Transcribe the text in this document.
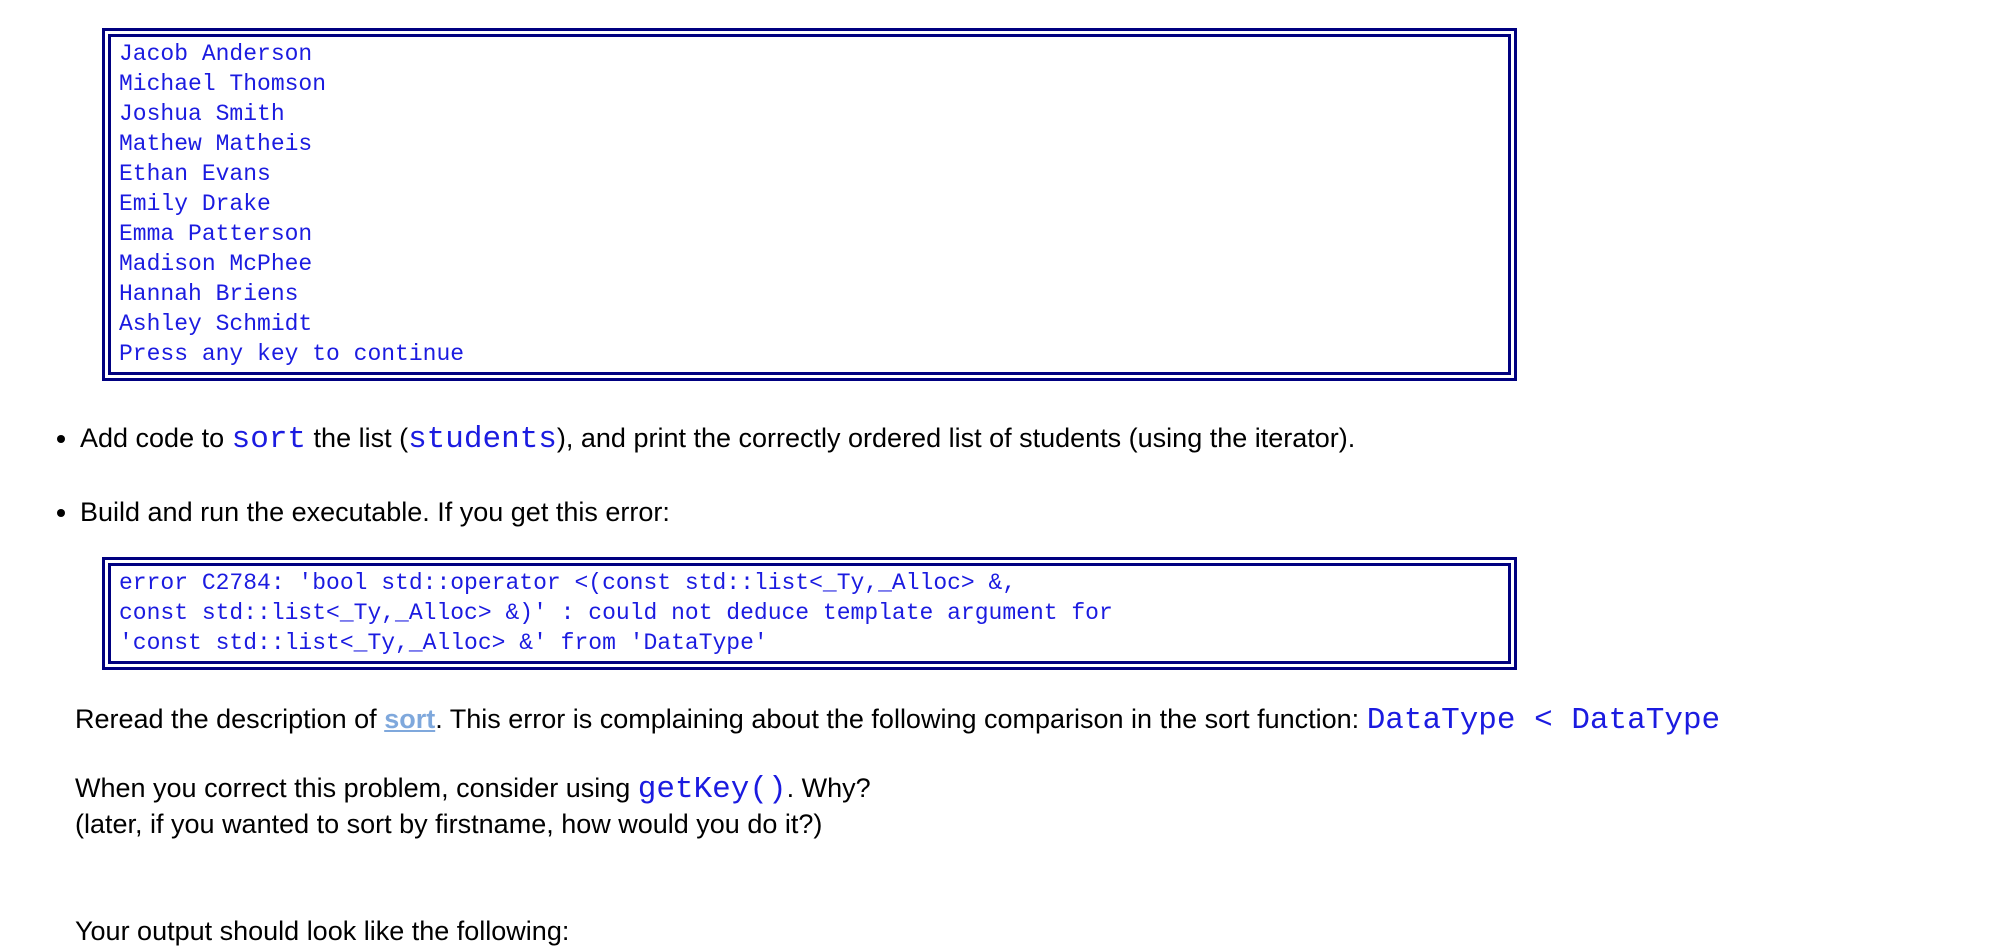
Jacob Anderson
Michael Thomson
Joshua Smith
Mathew Matheis
Ethan Evans
Emily Drake
Emma Patterson
Madison McPhee
Hannah Briens
Ashley Schmidt
Press any key to continue
• Add code to sort the list (students), and print the correctly ordered list of students (using the iterator).
• Build and run the executable. If you get this error:
error C2784: 'bool std::operator <(const std::list<_Ty,_Alloc> &,
const std::list<_Ty,_Alloc> &)' : could not deduce template argument for
'const std::list<_Ty,_Alloc> &' from 'DataType'
Reread the description of sort. This error is complaining about the following comparison in the sort function: DataType < DataType
When you correct this problem, consider using getKey(). Why?
(later, if you wanted to sort by firstname, how would you do it?)
Your output should look like the following:
